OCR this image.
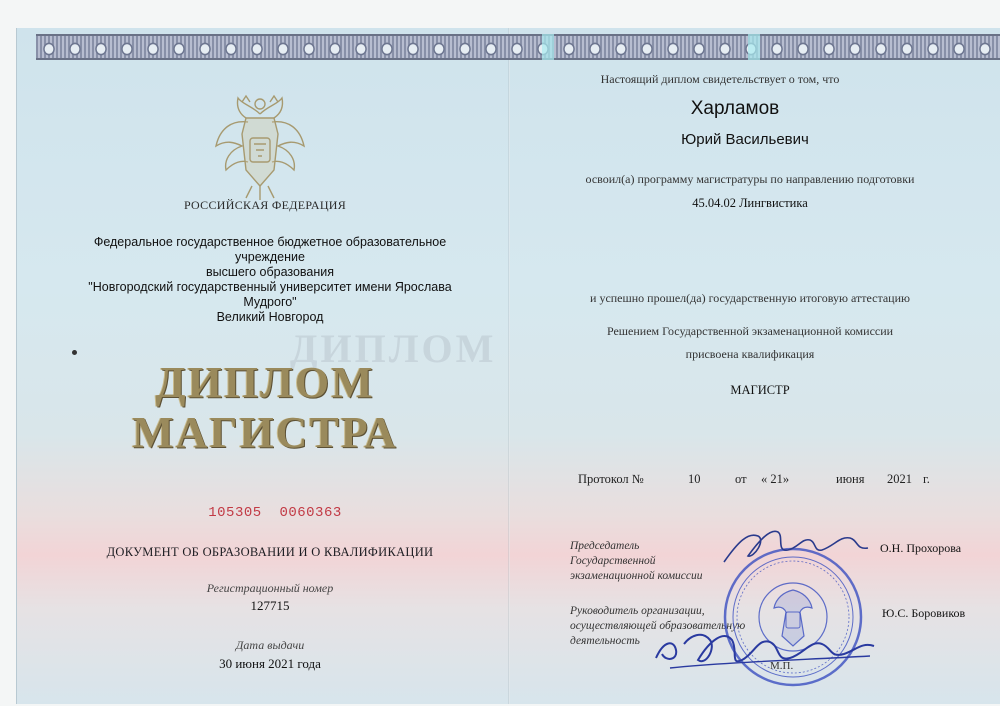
РОССИЙСКАЯ ФЕДЕРАЦИЯ
Федеральное государственное бюджетное образовательное учреждение
высшего образования
"Новгородский государственный университет имени Ярослава Мудрого"
Великий Новгород
ДИПЛОМ
ДИПЛОМ
МАГИСТРА
105305  0060363
ДОКУМЕНТ ОБ ОБРАЗОВАНИИ И О КВАЛИФИКАЦИИ
Регистрационный номер
127715
Дата выдачи
30 июня 2021 года
Настоящий диплом свидетельствует о том, что
Харламов
Юрий Васильевич
освоил(а) программу магистратуры по направлению подготовки
45.04.02 Лингвистика
и успешно прошел(да) государственную итоговую аттестацию
Решением Государственной экзаменационной комиссии
присвоена квалификация
МАГИСТР
Протокол №	10	от « 21»	июня 2021 г.
Председатель
Государственной
экзаменационной комиссии
О.Н. Прохорова
Руководитель организации,
осуществляющей образовательную
деятельность
Ю.С. Боровиков
М.П.
